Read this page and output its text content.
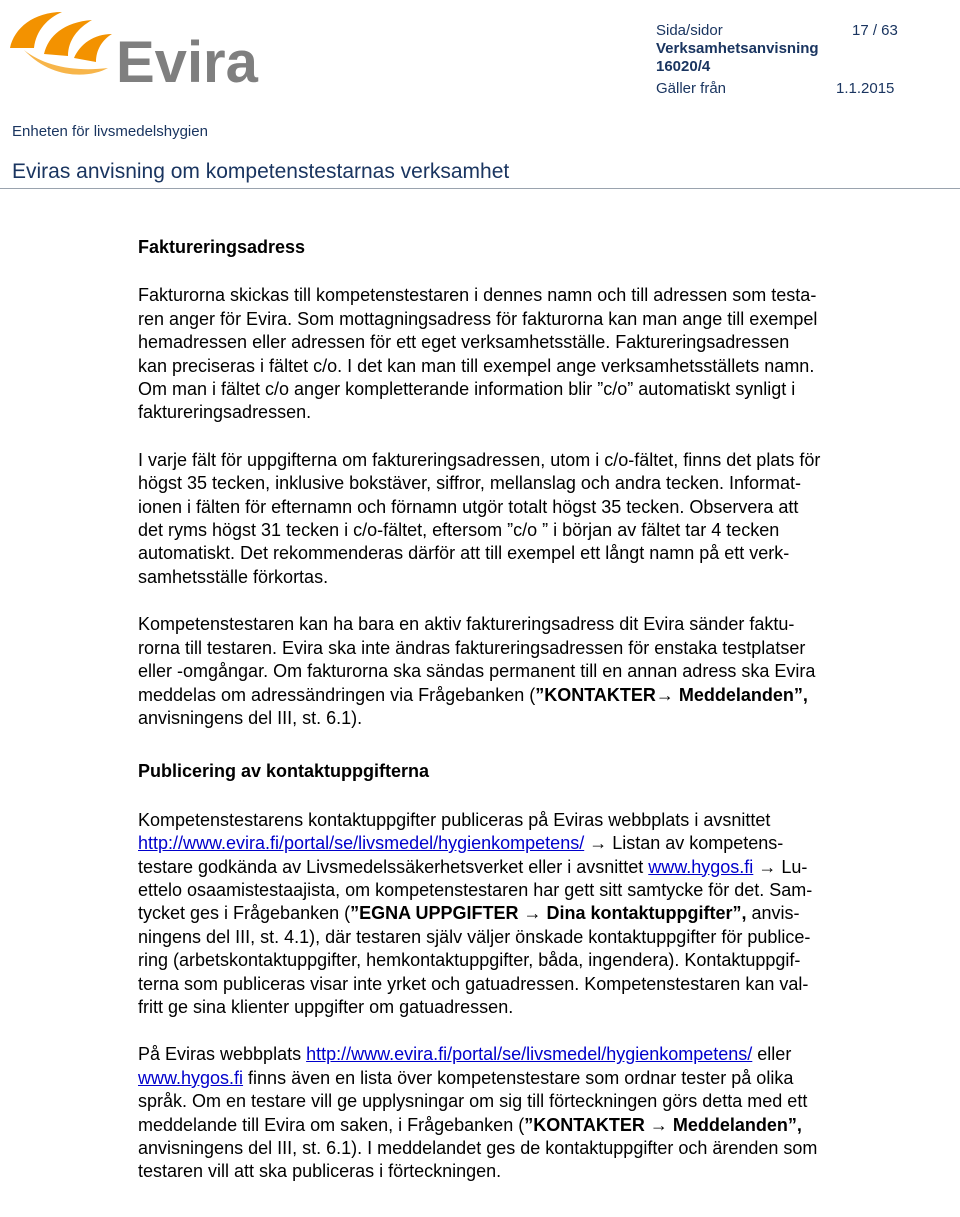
Evira	Sida/sidor	17 / 63
Verksamhetsanvisning
16020/4
Gäller från	1.1.2015
Enheten för livsmedelshygien
Eviras anvisning om kompetenstestarnas verksamhet
Faktureringsadress

Fakturorna skickas till kompetenstestaren i dennes namn och till adressen som testa-
ren anger för Evira. Som mottagningsadress för fakturorna kan man ange till exempel
hemadressen eller adressen för ett eget verksamhetsställe. Faktureringsadressen
kan preciseras i fältet c/o. I det kan man till exempel ange verksamhetsställets namn.
Om man i fältet c/o anger kompletterande information blir ”c/o” automatiskt synligt i
faktureringsadressen.

I varje fält för uppgifterna om faktureringsadressen, utom i c/o-fältet, finns det plats för
högst 35 tecken, inklusive bokstäver, siffror, mellanslag och andra tecken. Informat-
ionen i fälten för efternamn och förnamn utgör totalt högst 35 tecken. Observera att
det ryms högst 31 tecken i c/o-fältet, eftersom ”c/o ” i början av fältet tar 4 tecken
automatiskt. Det rekommenderas därför att till exempel ett långt namn på ett verk-
samhetsställe förkortas.

Kompetenstestaren kan ha bara en aktiv faktureringsadress dit Evira sänder faktu-
rorna till testaren. Evira ska inte ändras faktureringsadressen för enstaka testplatser
eller -omgångar. Om fakturorna ska sändas permanent till en annan adress ska Evira
meddelas om adressändringen via Frågebanken (”KONTAKTER→ Meddelanden”,
anvisningens del III, st. 6.1).

Publicering av kontaktuppgifterna

Kompetenstestarens kontaktuppgifter publiceras på Eviras webbplats i avsnittet
http://www.evira.fi/portal/se/livsmedel/hygienkompetens/ → Listan av kompetens-
testare godkända av Livsmedelssäkerhetsverket eller i avsnittet www.hygos.fi → Lu-
ettelo osaamistestaajista, om kompetenstestaren har gett sitt samtycke för det. Sam-
tycket ges i Frågebanken (”EGNA UPPGIFTER → Dina kontaktuppgifter”, anvis-
ningens del III, st. 4.1), där testaren själv väljer önskade kontaktuppgifter för publice-
ring (arbetskontaktuppgifter, hemkontaktuppgifter, båda, ingendera). Kontaktuppgif-
terna som publiceras visar inte yrket och gatuadressen. Kompetenstestaren kan val-
fritt ge sina klienter uppgifter om gatuadressen.

På Eviras webbplats http://www.evira.fi/portal/se/livsmedel/hygienkompetens/ eller
www.hygos.fi finns även en lista över kompetenstestare som ordnar tester på olika
språk. Om en testare vill ge upplysningar om sig till förteckningen görs detta med ett
meddelande till Evira om saken, i Frågebanken (”KONTAKTER → Meddelanden”,
anvisningens del III, st. 6.1). I meddelandet ges de kontaktuppgifter och ärenden som
testaren vill att ska publiceras i förteckningen.
